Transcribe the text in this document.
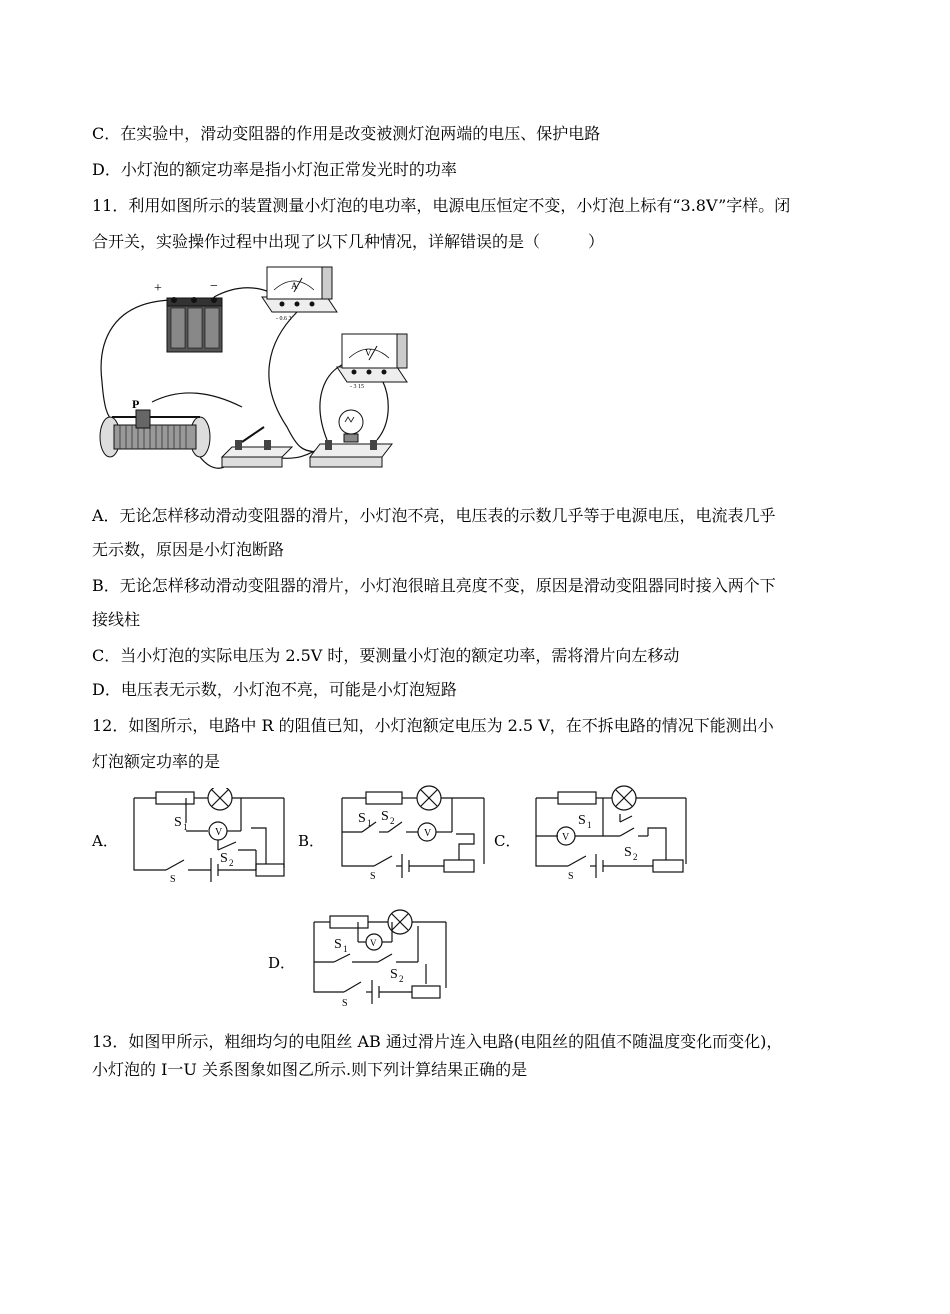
C．在实验中，滑动变阻器的作用是改变被测灯泡两端的电压、保护电路
D．小灯泡的额定功率是指小灯泡正常发光时的功率
11．利用如图所示的装置测量小灯泡的电功率，电源电压恒定不变，小灯泡上标有“3.8V”字样。闭
合开关，实验操作过程中出现了以下几种情况，详解错误的是（　　　）
+	−	A
- 0.6 3
V
- 3 15
P
A．无论怎样移动滑动变阻器的滑片，小灯泡不亮，电压表的示数几乎等于电源电压，电流表几乎
无示数，原因是小灯泡断路
B．无论怎样移动滑动变阻器的滑片，小灯泡很暗且亮度不变，原因是滑动变阻器同时接入两个下
接线柱
C．当小灯泡的实际电压为 2.5V 时，要测量小灯泡的额定功率，需将滑片向左移动
D．电压表无示数，小灯泡不亮，可能是小灯泡短路
12．如图所示，电路中 R 的阻值已知，小灯泡额定电压为 2.5 V，在不拆电路的情况下能测出小
灯泡额定功率的是
A．	B．	C．
D．
V
S 1
S 2
S
V
S 1 S 2
S
V
S 1
S 2
S
V
S 1
S 2
S
13．如图甲所示，粗细均匀的电阻丝 AB 通过滑片连入电路(电阻丝的阻值不随温度变化而变化)，
小灯泡的 I一U 关系图象如图乙所示.则下列计算结果正确的是
